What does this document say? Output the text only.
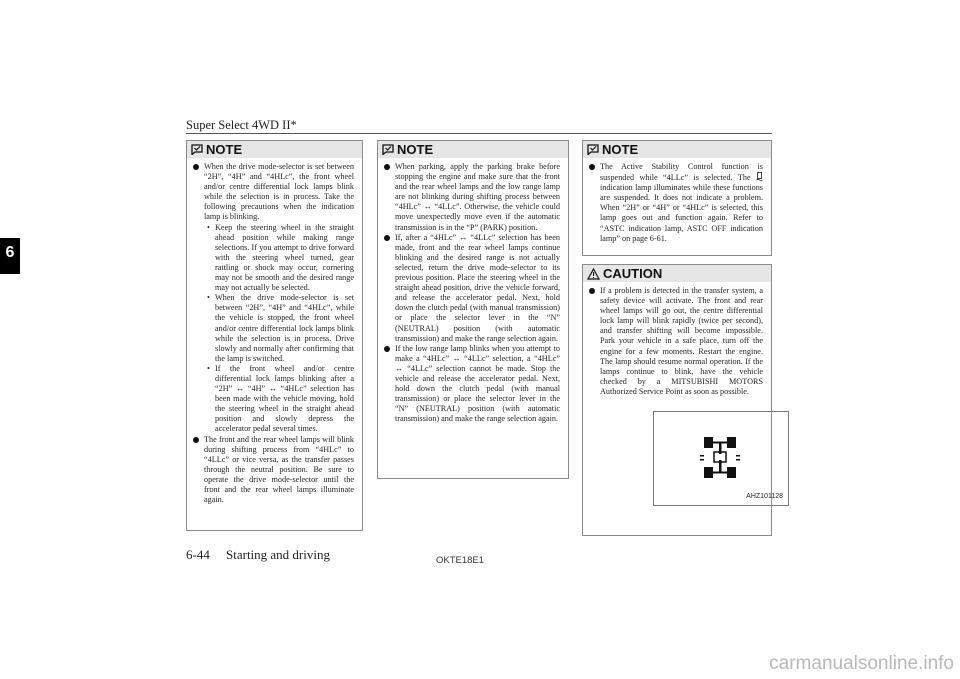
Super Select 4WD II*
6
NOTE
When the drive mode-selector is set between “2H”, “4H” and “4HLc”, the front wheel and/or centre differential lock lamps blink while the selection is in process. Take the following precautions when the indication lamp is blinking.
• Keep the steering wheel in the straight ahead position while making range selections. If you attempt to drive forward with the steering wheel turned, gear rattling or shock may occur, cornering may not be smooth and the desired range may not actually be selected.
• When the drive mode-selector is set between “2H”, “4H” and “4HLc”, while the vehicle is stopped, the front wheel and/or centre differential lock lamps blink while the selection is in process. Drive slowly and normally after confirming that the lamp is switched.
• If the front wheel and/or centre differential lock lamps blinking after a “2H” ↔ “4H” ↔ “4HLc” selection has been made with the vehicle moving, hold the steering wheel in the straight ahead position and slowly depress the accelerator pedal several times.
The front and the rear wheel lamps will blink during shifting process from “4HLc” to “4LLc” or vice versa, as the transfer passes through the neutral position. Be sure to operate the drive mode-selector until the front and the rear wheel lamps illuminate again.
NOTE
When parking, apply the parking brake before stopping the engine and make sure that the front and the rear wheel lamps and the low range lamp are not blinking during shifting process between “4HLc” ↔ “4LLc”. Otherwise, the vehicle could move unexpectedly move even if the automatic transmission is in the “P” (PARK) position.
If, after a “4HLc” ↔ “4LLc” selection has been made, front and the rear wheel lamps continue blinking and the desired range is not actually selected, return the drive mode-selector to its previous position. Place the steering wheel in the straight ahead position, drive the vehicle forward, and release the accelerator pedal. Next, hold down the clutch pedal (with manual transmission) or place the selector lever in the “N” (NEUTRAL) position (with automatic transmission) and make the range selection again.
If the low range lamp blinks when you attempt to make a “4HLc” ↔ “4LLc” selection, a “4HLc” ↔ “4LLc” selection cannot be made. Stop the vehicle and release the accelerator pedal. Next, hold down the clutch pedal (with manual transmission) or place the selector lever in the “N” (NEUTRAL) position (with automatic transmission) and make the range selection again.
NOTE
The Active Stability Control function is suspended while “4LLc” is selected. The  indication lamp illuminates while these functions are suspended. It does not indicate a problem. When “2H” or “4H” or “4HLc” is selected, this lamp goes out and function again. Refer to “ASTC indication lamp, ASTC OFF indication lamp” on page 6-61.
CAUTION
If a problem is detected in the transfer system, a safety device will activate. The front and rear wheel lamps will go out, the centre differential lock lamp will blink rapidly (twice per second), and transfer shifting will become impossible. Park your vehicle in a safe place, turn off the engine for a few moments. Restart the engine. The lamp should resume normal operation. If the lamps continue to blink, have the vehicle checked by a MITSUBISHI MOTORS Authorized Service Point as soon as possible.
AHZ101128
6-44 Starting and driving	OKTE18E1
carmanualsonline.info
